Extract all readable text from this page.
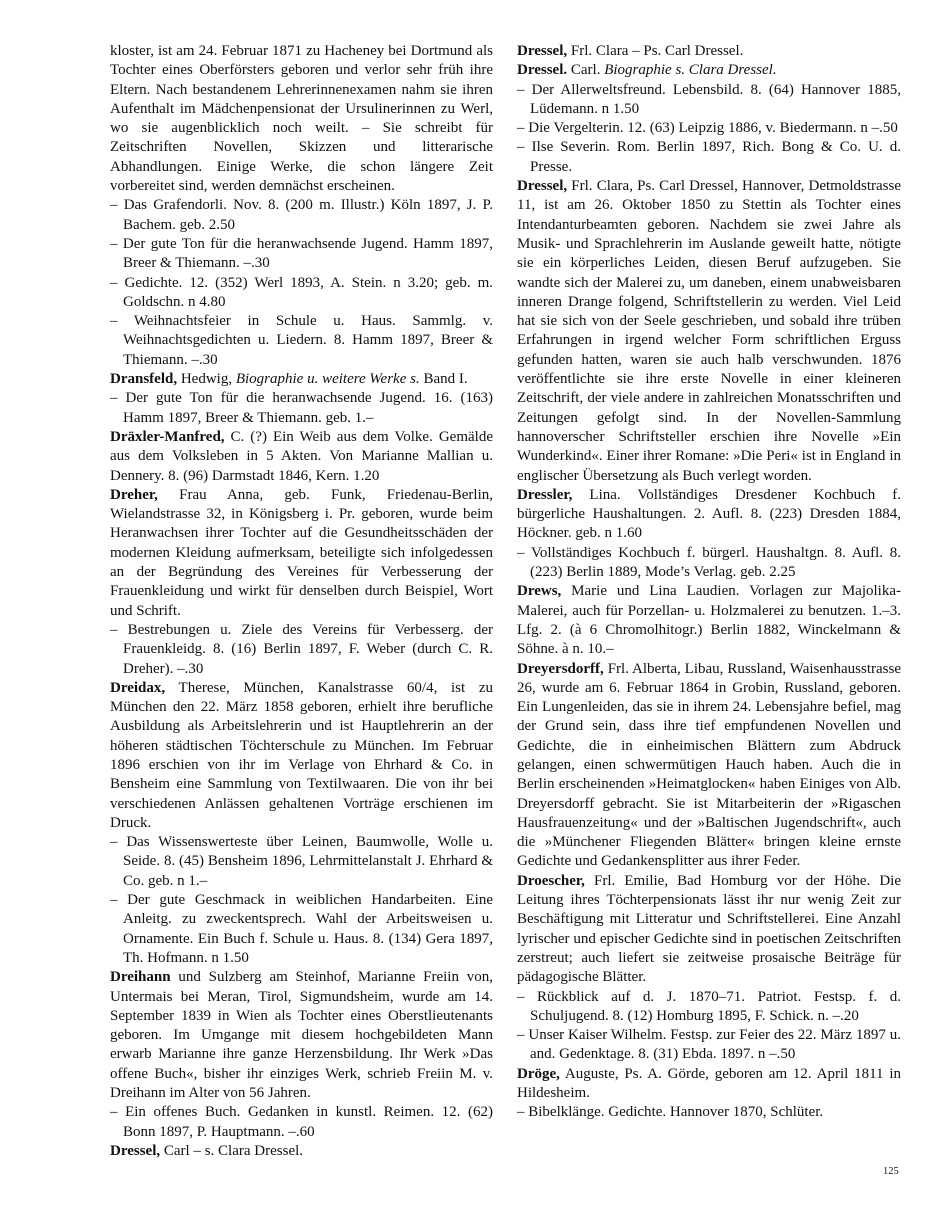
kloster, ist am 24. Februar 1871 zu Hacheney bei Dortmund als Tochter eines Oberförsters geboren und verlor sehr früh ihre Eltern. Nach bestandenem Lehrerinnenexamen nahm sie ihren Aufenthalt im Mädchenpensionat der Ursulinerinnen zu Werl, wo sie augenblicklich noch weilt. – Sie schreibt für Zeitschriften Novellen, Skizzen und litterarische Abhandlungen. Einige Werke, die schon längere Zeit vorbereitet sind, werden demnächst erscheinen.

– Das Grafendorli. Nov. 8. (200 m. Illustr.) Köln 1897, J. P. Bachem. geb. 2.50

– Der gute Ton für die heranwachsende Jugend. Hamm 1897, Breer & Thiemann. –.30

– Gedichte. 12. (352) Werl 1893, A. Stein. n 3.20; geb. m. Goldschn. n 4.80

– Weihnachtsfeier in Schule u. Haus. Sammlg. v. Weihnachtsgedichten u. Liedern. 8. Hamm 1897, Breer & Thiemann. –.30

Dransfeld, Hedwig, Biographie u. weitere Werke s. Band I.

– Der gute Ton für die heranwachsende Jugend. 16. (163) Hamm 1897, Breer & Thiemann. geb. 1.–

Dräxler-Manfred, C. (?) Ein Weib aus dem Volke. Gemälde aus dem Volksleben in 5 Akten. Von Marianne Mallian u. Dennery. 8. (96) Darmstadt 1846, Kern. 1.20

Dreher, Frau Anna, geb. Funk, Friedenau-Berlin, Wielandstrasse 32, in Königsberg i. Pr. geboren, wurde beim Heranwachsen ihrer Tochter auf die Gesundheitsschäden der modernen Kleidung aufmerksam, beteiligte sich infolgedessen an der Begründung des Vereines für Verbesserung der Frauenkleidung und wirkt für denselben durch Beispiel, Wort und Schrift.

– Bestrebungen u. Ziele des Vereins für Verbesserg. der Frauenkleidg. 8. (16) Berlin 1897, F. Weber (durch C. R. Dreher). –.30

Dreidax, Therese, München, Kanalstrasse 60/4, ist zu München den 22. März 1858 geboren, erhielt ihre berufliche Ausbildung als Arbeitslehrerin und ist Hauptlehrerin an der höheren städtischen Töchterschule zu München. Im Februar 1896 erschien von ihr im Verlage von Ehrhard & Co. in Bensheim eine Sammlung von Textilwaaren. Die von ihr bei verschiedenen Anlässen gehaltenen Vorträge erschienen im Druck.

– Das Wissenswerteste über Leinen, Baumwolle, Wolle u. Seide. 8. (45) Bensheim 1896, Lehrmittelanstalt J. Ehrhard & Co. geb. n 1.–

– Der gute Geschmack in weiblichen Handarbeiten. Eine Anleitg. zu zweckentsprech. Wahl der Arbeitsweisen u. Ornamente. Ein Buch f. Schule u. Haus. 8. (134) Gera 1897, Th. Hofmann. n 1.50

Dreihann und Sulzberg am Steinhof, Marianne Freiin von, Untermais bei Meran, Tirol, Sigmundsheim, wurde am 14. September 1839 in Wien als Tochter eines Oberstlieutenants geboren. Im Umgange mit diesem hochgebildeten Mann erwarb Marianne ihre ganze Herzensbildung. Ihr Werk »Das offene Buch«, bisher ihr einziges Werk, schrieb Freiin M. v. Dreihann im Alter von 56 Jahren.

– Ein offenes Buch. Gedanken in kunstl. Reimen. 12. (62) Bonn 1897, P. Hauptmann. –.60

Dressel, Carl – s. Clara Dressel.

Dressel, Frl. Clara – Ps. Carl Dressel.

Dressel. Carl. Biographie s. Clara Dressel.

– Der Allerweltsfreund. Lebensbild. 8. (64) Hannover 1885, Lüdemann. n 1.50

– Die Vergelterin. 12. (63) Leipzig 1886, v. Biedermann. n –.50

– Ilse Severin. Rom. Berlin 1897, Rich. Bong & Co. U. d. Presse.

Dressel, Frl. Clara, Ps. Carl Dressel, Hannover, Detmoldstrasse 11, ist am 26. Oktober 1850 zu Stettin als Tochter eines Intendanturbeamten geboren. Nachdem sie zwei Jahre als Musik- und Sprachlehrerin im Auslande geweilt hatte, nötigte sie ein körperliches Leiden, diesen Beruf aufzugeben. Sie wandte sich der Malerei zu, um daneben, einem unabweisbaren inneren Drange folgend, Schriftstellerin zu werden. Viel Leid hat sie sich von der Seele geschrieben, und sobald ihre trüben Erfahrungen in irgend welcher Form schriftlichen Erguss gefunden hatten, waren sie auch halb verschwunden. 1876 veröffentlichte sie ihre erste Novelle in einer kleineren Zeitschrift, der viele andere in zahlreichen Monatsschriften und Zeitungen gefolgt sind. In der Novellen-Sammlung hannoverscher Schriftsteller erschien ihre Novelle »Ein Wunderkind«. Einer ihrer Romane: »Die Peri« ist in England in englischer Übersetzung als Buch verlegt worden.

Dressler, Lina. Vollständiges Dresdener Kochbuch f. bürgerliche Haushaltungen. 2. Aufl. 8. (223) Dresden 1884, Höckner. geb. n 1.60

– Vollständiges Kochbuch f. bürgerl. Haushaltgn. 8. Aufl. 8. (223) Berlin 1889, Mode’s Verlag. geb. 2.25

Drews, Marie und Lina Laudien. Vorlagen zur Majolika-Malerei, auch für Porzellan- u. Holzmalerei zu benutzen. 1.–3. Lfg. 2. (à 6 Chromolhitogr.) Berlin 1882, Winckelmann & Söhne. à n. 10.–

Dreyersdorff, Frl. Alberta, Libau, Russland, Waisenhausstrasse 26, wurde am 6. Februar 1864 in Grobin, Russland, geboren. Ein Lungenleiden, das sie in ihrem 24. Lebensjahre befiel, mag der Grund sein, dass ihre tief empfundenen Novellen und Gedichte, die in einheimischen Blättern zum Abdruck gelangen, einen schwermütigen Hauch haben. Auch die in Berlin erscheinenden »Heimatglocken« haben Einiges von Alb. Dreyersdorff gebracht. Sie ist Mitarbeiterin der »Rigaschen Hausfrauenzeitung« und der »Baltischen Jugendschrift«, auch die »Münchener Fliegenden Blätter« bringen kleine ernste Gedichte und Gedankensplitter aus ihrer Feder.

Droescher, Frl. Emilie, Bad Homburg vor der Höhe. Die Leitung ihres Töchterpensionats lässt ihr nur wenig Zeit zur Beschäftigung mit Litteratur und Schriftstellerei. Eine Anzahl lyrischer und epischer Gedichte sind in poetischen Zeitschriften zerstreut; auch liefert sie zeitweise prosaische Beiträge für pädagogische Blätter.

– Rückblick auf d. J. 1870–71. Patriot. Festsp. f. d. Schuljugend. 8. (12) Homburg 1895, F. Schick. n. –.20

– Unser Kaiser Wilhelm. Festsp. zur Feier des 22. März 1897 u. and. Gedenktage. 8. (31) Ebda. 1897. n –.50

Dröge, Auguste, Ps. A. Görde, geboren am 12. April 1811 in Hildesheim.

– Bibelklänge. Gedichte. Hannover 1870, Schlüter.

125
